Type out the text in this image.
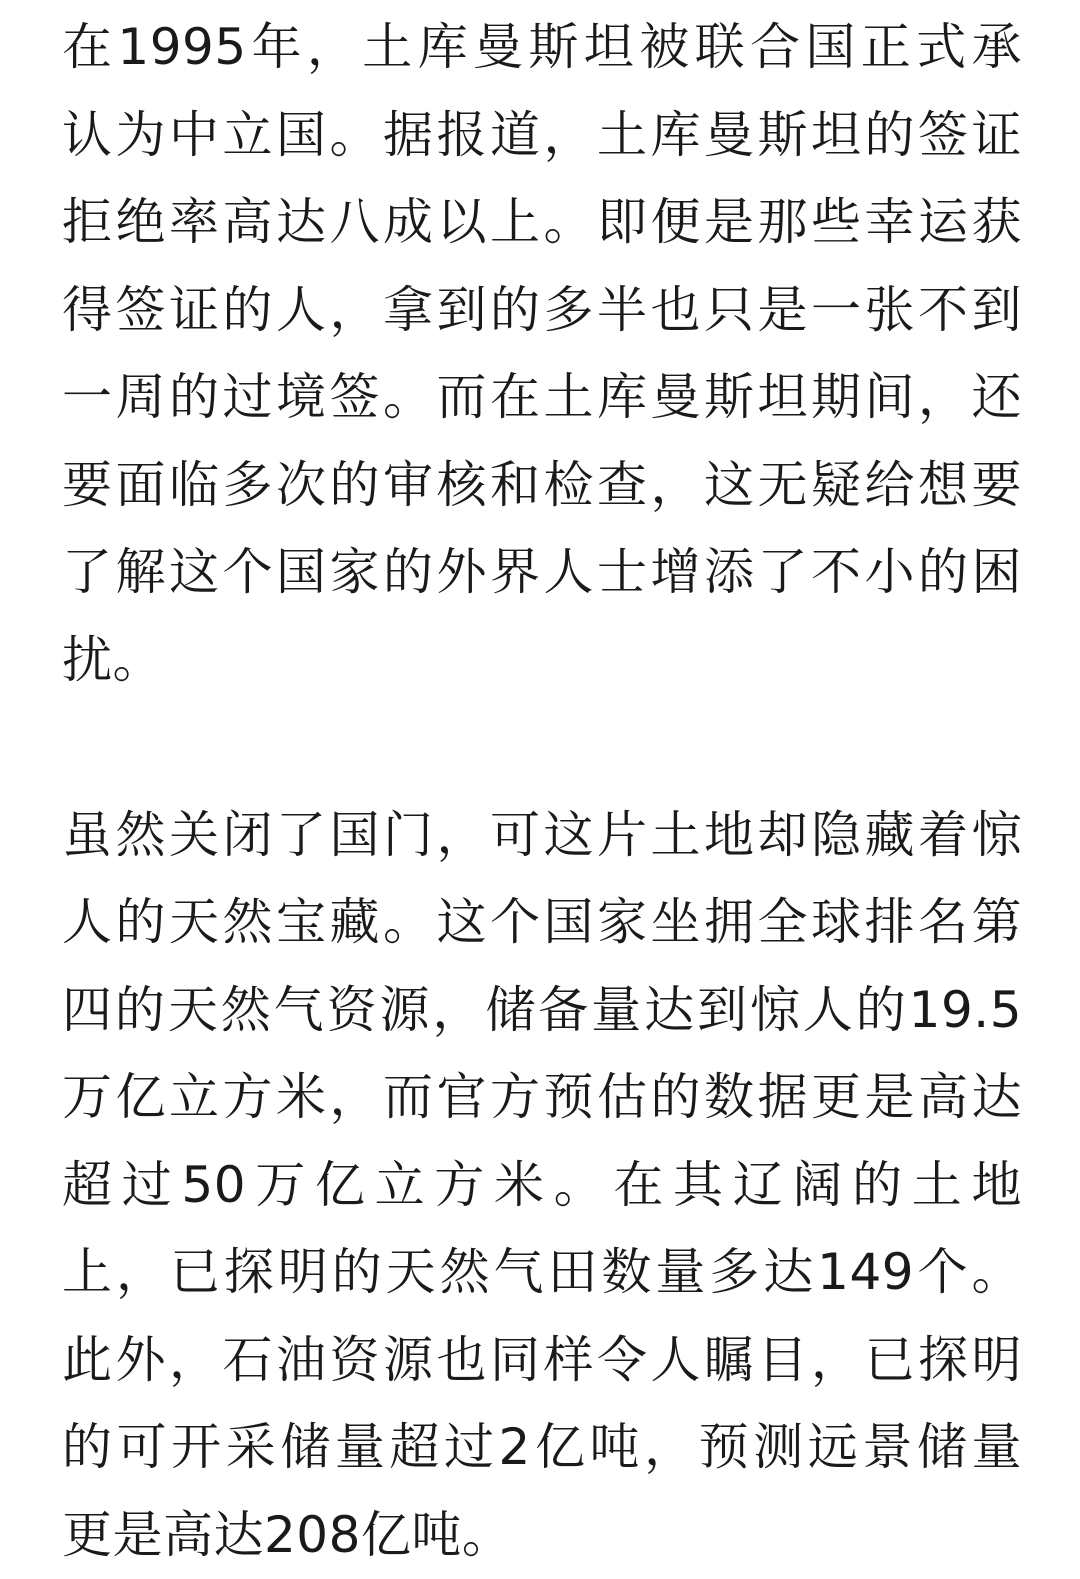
在1995年，土库曼斯坦被联合国正式承
认为中立国。据报道，土库曼斯坦的签证
拒绝率高达八成以上。即便是那些幸运获
得签证的人，拿到的多半也只是一张不到
一周的过境签。而在土库曼斯坦期间，还
要面临多次的审核和检查，这无疑给想要
了解这个国家的外界人士增添了不小的困
扰。
虽然关闭了国门，可这片土地却隐藏着惊
人的天然宝藏。这个国家坐拥全球排名第
四的天然气资源，储备量达到惊人的19.5
万亿立方米，而官方预估的数据更是高达
超过50万亿立方米。在其辽阔的土地
上，已探明的天然气田数量多达149个。
此外，石油资源也同样令人瞩目，已探明
的可开采储量超过2亿吨，预测远景储量
更是高达208亿吨。
